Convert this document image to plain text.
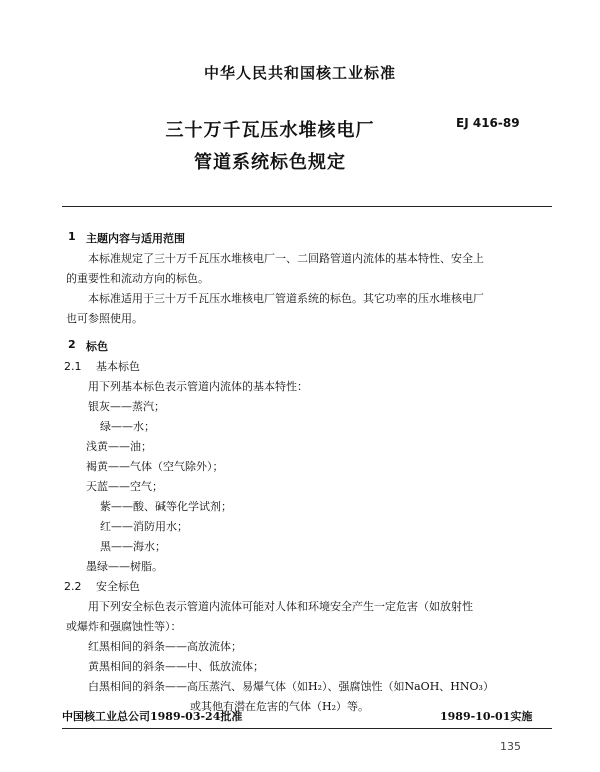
中华人民共和国核工业标准
三十万千瓦压水堆核电厂
管道系统标色规定
EJ 416-89
1 主题内容与适用范围
本标准规定了三十万千瓦压水堆核电厂一、二回路管道内流体的基本特性、安全上
的重要性和流动方向的标色。
本标准适用于三十万千瓦压水堆核电厂管道系统的标色。其它功率的压水堆核电厂
也可参照使用。
2 标色
2.1 基本标色
用下列基本标色表示管道内流体的基本特性：
银灰——蒸汽；
绿——水；
浅黄——油；
褐黄——气体（空气除外）；
天蓝——空气；
紫——酸、碱等化学试剂；
红——消防用水；
黑——海水；
墨绿——树脂。
2.2 安全标色
用下列安全标色表示管道内流体可能对人体和环境安全产生一定危害（如放射性
或爆炸和强腐蚀性等）：
红黑相间的斜条——高放流体；
黄黑相间的斜条——中、低放流体；
白黑相间的斜条——高压蒸汽、易爆气体（如H₂）、强腐蚀性（如NaOH、HNO₃）
或其他有潜在危害的气体（H₂）等。
中国核工业总公司1989-03-24批准	1989-10-01实施
135
